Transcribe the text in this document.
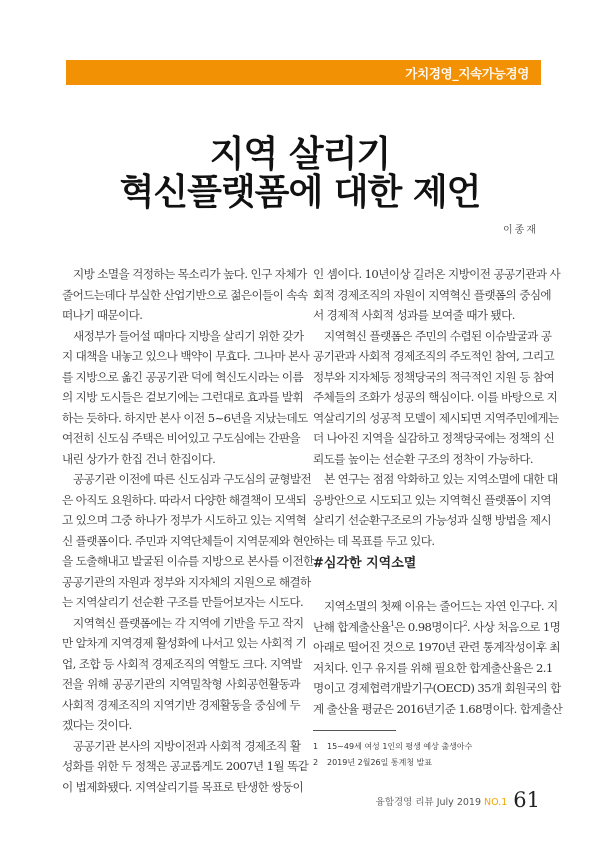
가치경영_지속가능경영
지역 살리기
혁신플랫폼에 대한 제언
이종재
지방 소멸을 걱정하는 목소리가 높다. 인구 자체가
줄어드는데다 부실한 산업기반으로 젊은이들이 속속
떠나기 때문이다.
새정부가 들어설 때마다 지방을 살리기 위한 갖가
지 대책을 내놓고 있으나 백약이 무효다. 그나마 본사
를 지방으로 옮긴 공공기관 덕에 혁신도시라는 이름
의 지방 도시들은 겉보기에는 그런대로 효과를 발휘
하는 듯하다. 하지만 본사 이전 5~6년을 지났는데도
여전히 신도심 주택은 비어있고 구도심에는 간판을
내린 상가가 한집 건너 한집이다.
공공기관 이전에 따른 신도심과 구도심의 균형발전
은 아직도 요원하다. 따라서 다양한 해결책이 모색되
고 있으며 그중 하나가 정부가 시도하고 있는 지역혁
신 플랫폼이다. 주민과 지역단체들이 지역문제와 현안
을 도출해내고 발굴된 이슈를 지방으로 본사를 이전한
공공기관의 자원과 정부와 지자체의 지원으로 해결하
는 지역살리기 선순환 구조를 만들어보자는 시도다.
지역혁신 플랫폼에는 각 지역에 기반을 두고 작지
만 알차게 지역경제 활성화에 나서고 있는 사회적 기
업, 조합 등 사회적 경제조직의 역할도 크다. 지역발
전을 위해 공공기관의 지역밀착형 사회공헌활동과
사회적 경제조직의 지역기반 경제활동을 중심에 두
겠다는 것이다.
공공기관 본사의 지방이전과 사회적 경제조직 활
성화를 위한 두 정책은 공교롭게도 2007년 1월 똑같
이 법제화됐다. 지역살리기를 목표로 탄생한 쌍둥이
인 셈이다. 10년이상 길러온 지방이전 공공기관과 사
회적 경제조직의 자원이 지역혁신 플랫폼의 중심에
서 경제적 사회적 성과를 보여줄 때가 됐다.
지역혁신 플랫폼은 주민의 수렴된 이슈발굴과 공
공기관과 사회적 경제조직의 주도적인 참여, 그리고
정부와 지자체등 정책당국의 적극적인 지원 등 참여
주체들의 조화가 성공의 핵심이다. 이를 바탕으로 지
역살리기의 성공적 모델이 제시되면 지역주민에게는
더 나아진 지역을 실감하고 정책당국에는 정책의 신
뢰도를 높이는 선순환 구조의 정착이 가능하다.
본 연구는 점점 악화하고 있는 지역소멸에 대한 대
응방안으로 시도되고 있는 지역혁신 플랫폼이 지역
살리기 선순환구조로의 가능성과 실행 방법을 제시
하는 데 목표를 두고 있다.
#심각한 지역소멸
지역소멸의 첫째 이유는 줄어드는 자연 인구다. 지
난해 합계출산율$^1$은 0.98명이다$^2$. 사상 처음으로 1명
아래로 떨어진 것으로 1970년 관련 통계작성이후 최
저치다. 인구 유지를 위해 필요한 합계출산율은 2.1
명이고 경제협력개발기구(OECD) 35개 회원국의 합
계 출산율 평균은 2016년기준 1.68명이다. 합계출산
1 15~49세 여성 1인의 평생 예상 출생아수
2 2019년 2월26일 통계청 발표
융합경영 리뷰 July 2019 NO.1 61
